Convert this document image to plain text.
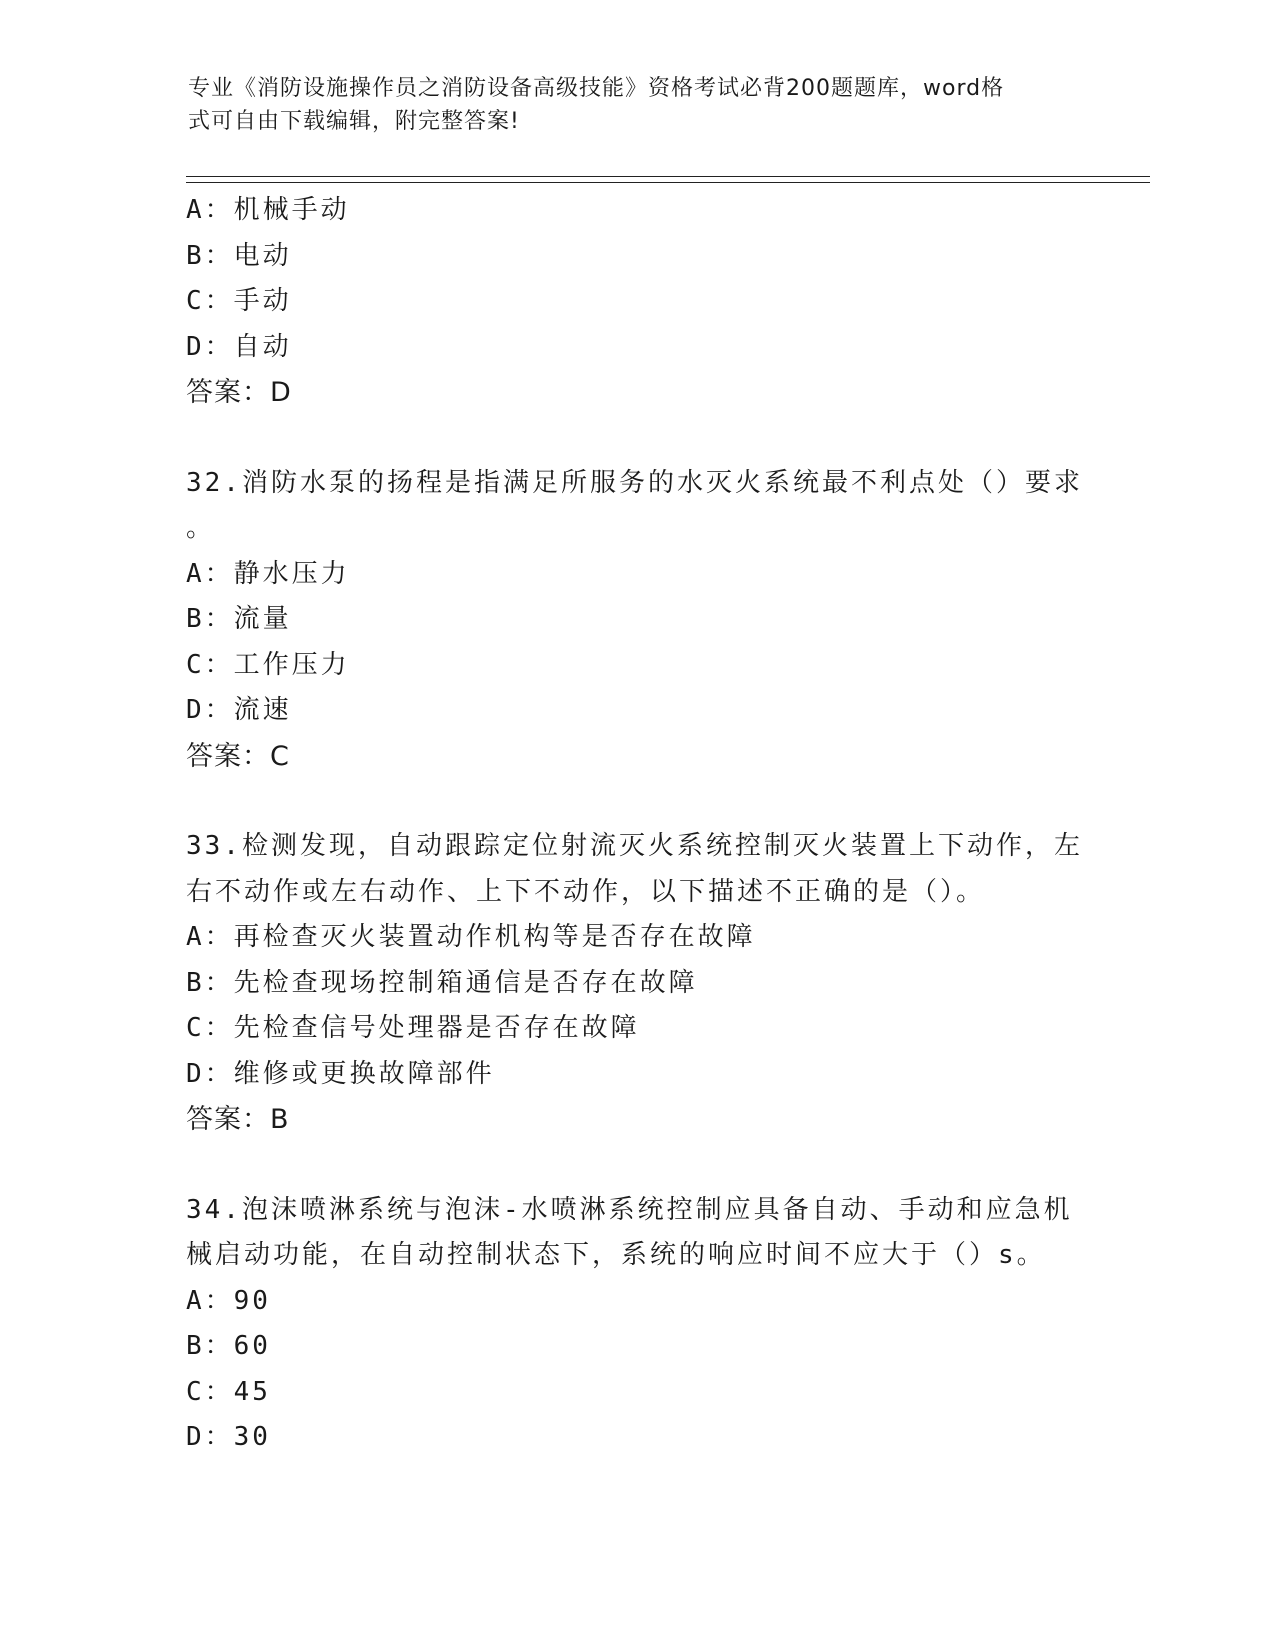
专业《消防设施操作员之消防设备高级技能》资格考试必背200题题库，word格
式可自由下载编辑，附完整答案!
A：机械手动
B：电动
C：手动
D：自动
答案：D
32.消防水泵的扬程是指满足所服务的水灭火系统最不利点处（）要求
。
A：静水压力
B：流量
C：工作压力
D：流速
答案：C
33.检测发现，自动跟踪定位射流灭火系统控制灭火装置上下动作，左
右不动作或左右动作、上下不动作，以下描述不正确的是（）。
A：再检查灭火装置动作机构等是否存在故障
B：先检查现场控制箱通信是否存在故障
C：先检查信号处理器是否存在故障
D：维修或更换故障部件
答案：B
34.泡沫喷淋系统与泡沫-水喷淋系统控制应具备自动、手动和应急机
械启动功能，在自动控制状态下，系统的响应时间不应大于（）s。
A：90
B：60
C：45
D：30
